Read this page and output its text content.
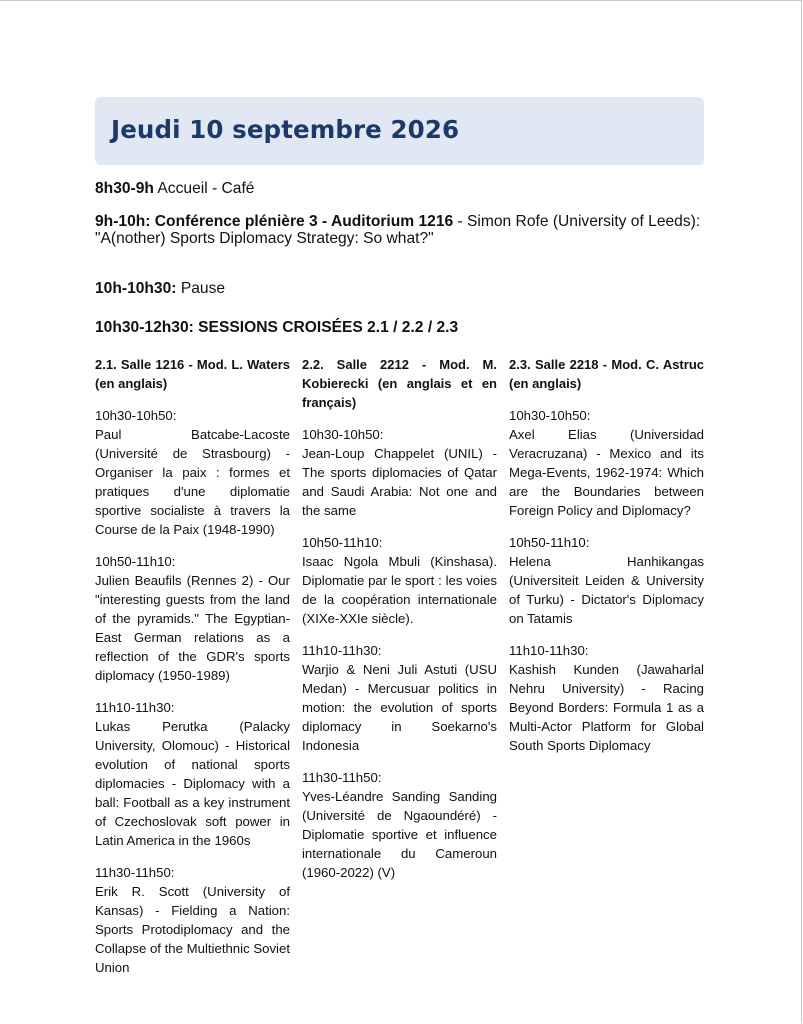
Jeudi 10 septembre 2026
8h30-9h Accueil - Café
9h-10h: Conférence plénière 3 - Auditorium 1216 - Simon Rofe (University of Leeds): "A(nother) Sports Diplomacy Strategy: So what?"
10h-10h30: Pause
10h30-12h30: SESSIONS CROISÉES 2.1 / 2.2 / 2.3
2.1. Salle 1216 - Mod. L. Waters (en anglais)
10h30-10h50:
Paul Batcabe-Lacoste (Université de Strasbourg) - Organiser la paix : formes et pratiques d'une diplomatie sportive socialiste à travers la Course de la Paix (1948-1990)
10h50-11h10:
Julien Beaufils (Rennes 2) - Our "interesting guests from the land of the pyramids." The Egyptian-East German relations as a reflection of the GDR's sports diplomacy (1950-1989)
11h10-11h30:
Lukas Perutka (Palacky University, Olomouc) - Historical evolution of national sports diplomacies - Diplomacy with a ball: Football as a key instrument of Czechoslovak soft power in Latin America in the 1960s
11h30-11h50:
Erik R. Scott (University of Kansas) - Fielding a Nation: Sports Protodiplomacy and the Collapse of the Multiethnic Soviet Union
2.2. Salle 2212 - Mod. M. Kobierecki (en anglais et en français)
10h30-10h50:
Jean-Loup Chappelet (UNIL) - The sports diplomacies of Qatar and Saudi Arabia: Not one and the same
10h50-11h10:
Isaac Ngola Mbuli (Kinshasa). Diplomatie par le sport : les voies de la coopération internationale (XIXe-XXIe siècle).
11h10-11h30:
Warjio & Neni Juli Astuti (USU Medan) - Mercusuar politics in motion: the evolution of sports diplomacy in Soekarno's Indonesia
11h30-11h50:
Yves-Léandre Sanding Sanding (Université de Ngaoundéré) - Diplomatie sportive et influence internationale du Cameroun (1960-2022) (V)
2.3. Salle 2218 - Mod. C. Astruc (en anglais)
10h30-10h50:
Axel Elias (Universidad Veracruzana) - Mexico and its Mega-Events, 1962-1974: Which are the Boundaries between Foreign Policy and Diplomacy?
10h50-11h10:
Helena Hanhikangas (Universiteit Leiden & University of Turku) - Dictator's Diplomacy on Tatamis
11h10-11h30:
Kashish Kunden (Jawaharlal Nehru University) - Racing Beyond Borders: Formula 1 as a Multi-Actor Platform for Global South Sports Diplomacy
